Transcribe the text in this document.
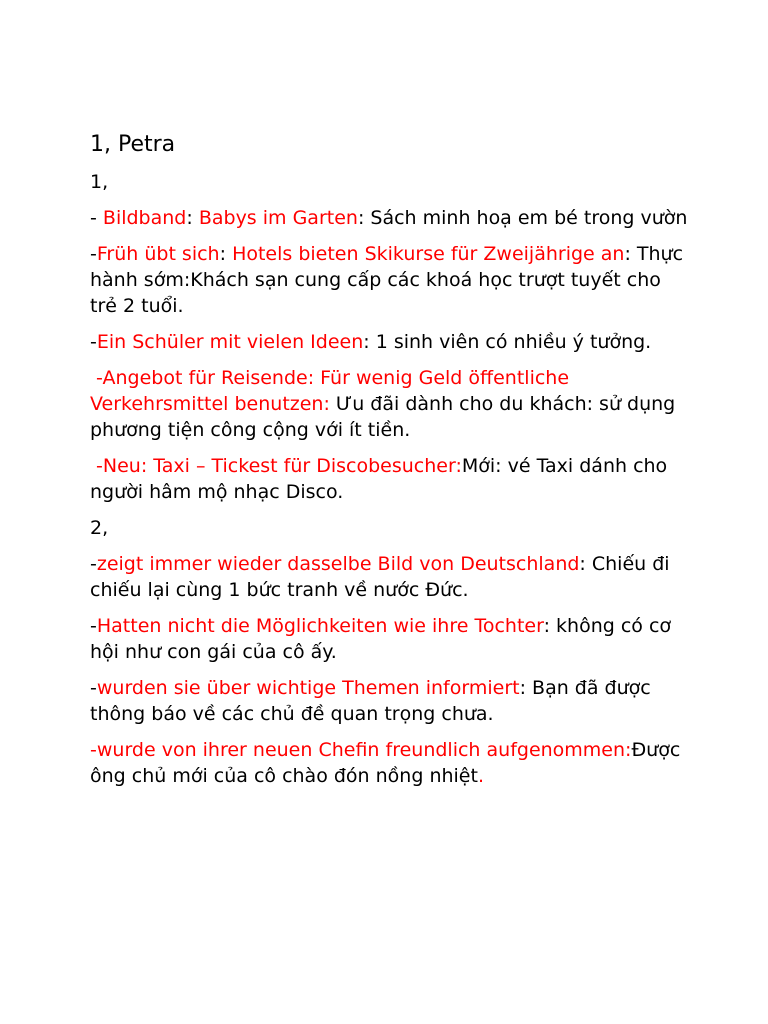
1, Petra
1,
- Bildband: Babys im Garten: Sách minh hoạ em bé trong vườn
-Früh übt sich: Hotels bieten Skikurse für Zweijährige an: Thực hành sớm:Khách sạn cung cấp các khoá học trượt tuyết cho trẻ 2 tuổi.
-Ein Schüler mit vielen Ideen: 1 sinh viên có nhiều ý tưởng.
-Angebot für Reisende: Für wenig Geld öffentliche Verkehrsmittel benutzen: Ưu đãi dành cho du khách: sử dụng phương tiện công cộng với ít tiền.
-Neu: Taxi – Tickest für Discobesucher:Mới: vé Taxi dánh cho người hâm mộ nhạc Disco.
2,
-zeigt immer wieder dasselbe Bild von Deutschland: Chiếu đi chiếu lại cùng 1 bức tranh về nước Đức.
-Hatten nicht die Möglichkeiten wie ihre Tochter: không có cơ hội như con gái của cô ấy.
-wurden sie über wichtige Themen informiert: Bạn đã được thông báo về các chủ đề quan trọng chưa.
-wurde von ihrer neuen Chefin freundlich aufgenommen:Được ông chủ mới của cô chào đón nồng nhiệt.
